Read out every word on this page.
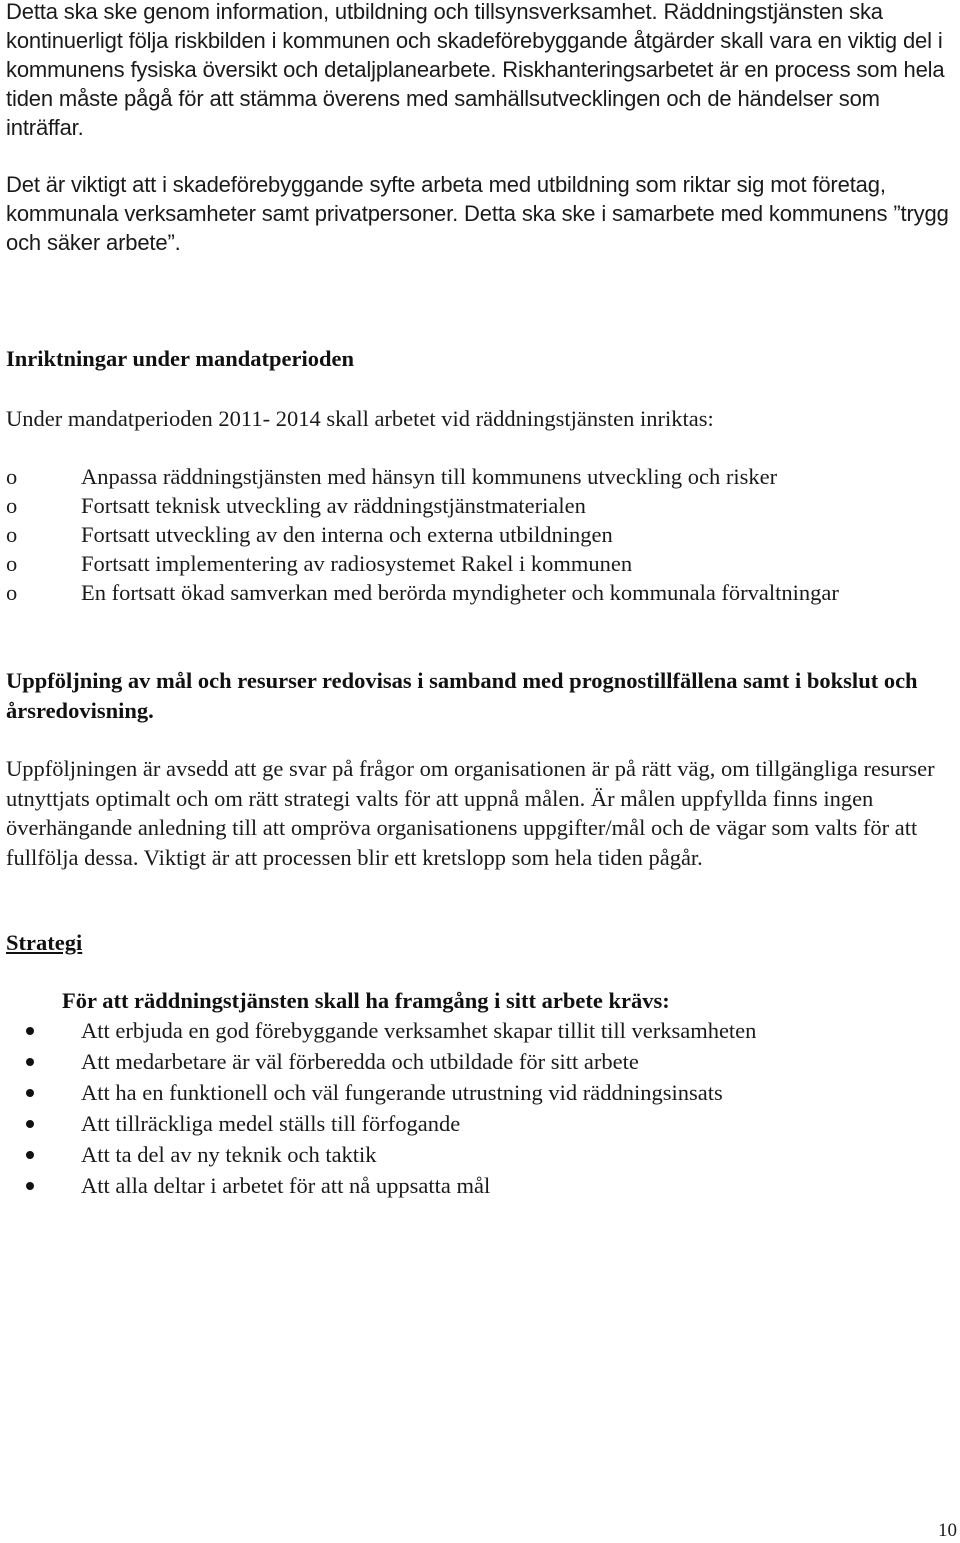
Detta ska ske genom information, utbildning och tillsynsverksamhet. Räddningstjänsten ska kontinuerligt följa riskbilden i kommunen och skadeförebyggande åtgärder skall vara en viktig del i kommunens fysiska översikt och detaljplanearbete. Riskhanteringsarbetet är en process som hela tiden måste pågå för att stämma överens med samhällsutvecklingen och de händelser som inträffar.

Det är viktigt att i skadeförebyggande syfte arbeta med utbildning som riktar sig mot företag, kommunala verksamheter samt privatpersoner. Detta ska ske i samarbete med kommunens ”trygg och säker arbete”.

Inriktningar under mandatperioden

Under mandatperioden 2011- 2014 skall arbetet vid räddningstjänsten inriktas:

o	Anpassa räddningstjänsten med hänsyn till kommunens utveckling och risker
o	Fortsatt teknisk utveckling av räddningstjänstmaterialen
o	Fortsatt utveckling av den interna och externa utbildningen
o	Fortsatt implementering av radiosystemet Rakel i kommunen
o	En fortsatt ökad samverkan med berörda myndigheter och kommunala förvaltningar
Uppföljning av mål och resurser redovisas i samband med prognostillfällena samt i bokslut och årsredovisning.

Uppföljningen är avsedd att ge svar på frågor om organisationen är på rätt väg, om tillgängliga resurser utnyttjats optimalt och om rätt strategi valts för att uppnå målen. Är målen uppfyllda finns ingen överhängande anledning till att ompröva organisationens uppgifter/mål och de vägar som valts för att fullfölja dessa. Viktigt är att processen blir ett kretslopp som hela tiden pågår.

Strategi
För att räddningstjänsten skall ha framgång i sitt arbete krävs:
Att erbjuda en god förebyggande verksamhet skapar tillit till verksamheten
Att medarbetare är väl förberedda och utbildade för sitt arbete
Att ha en funktionell och väl fungerande utrustning vid räddningsinsats
Att tillräckliga medel ställs till förfogande
Att ta del av ny teknik och taktik
Att alla deltar i arbetet för att nå uppsatta mål
10
